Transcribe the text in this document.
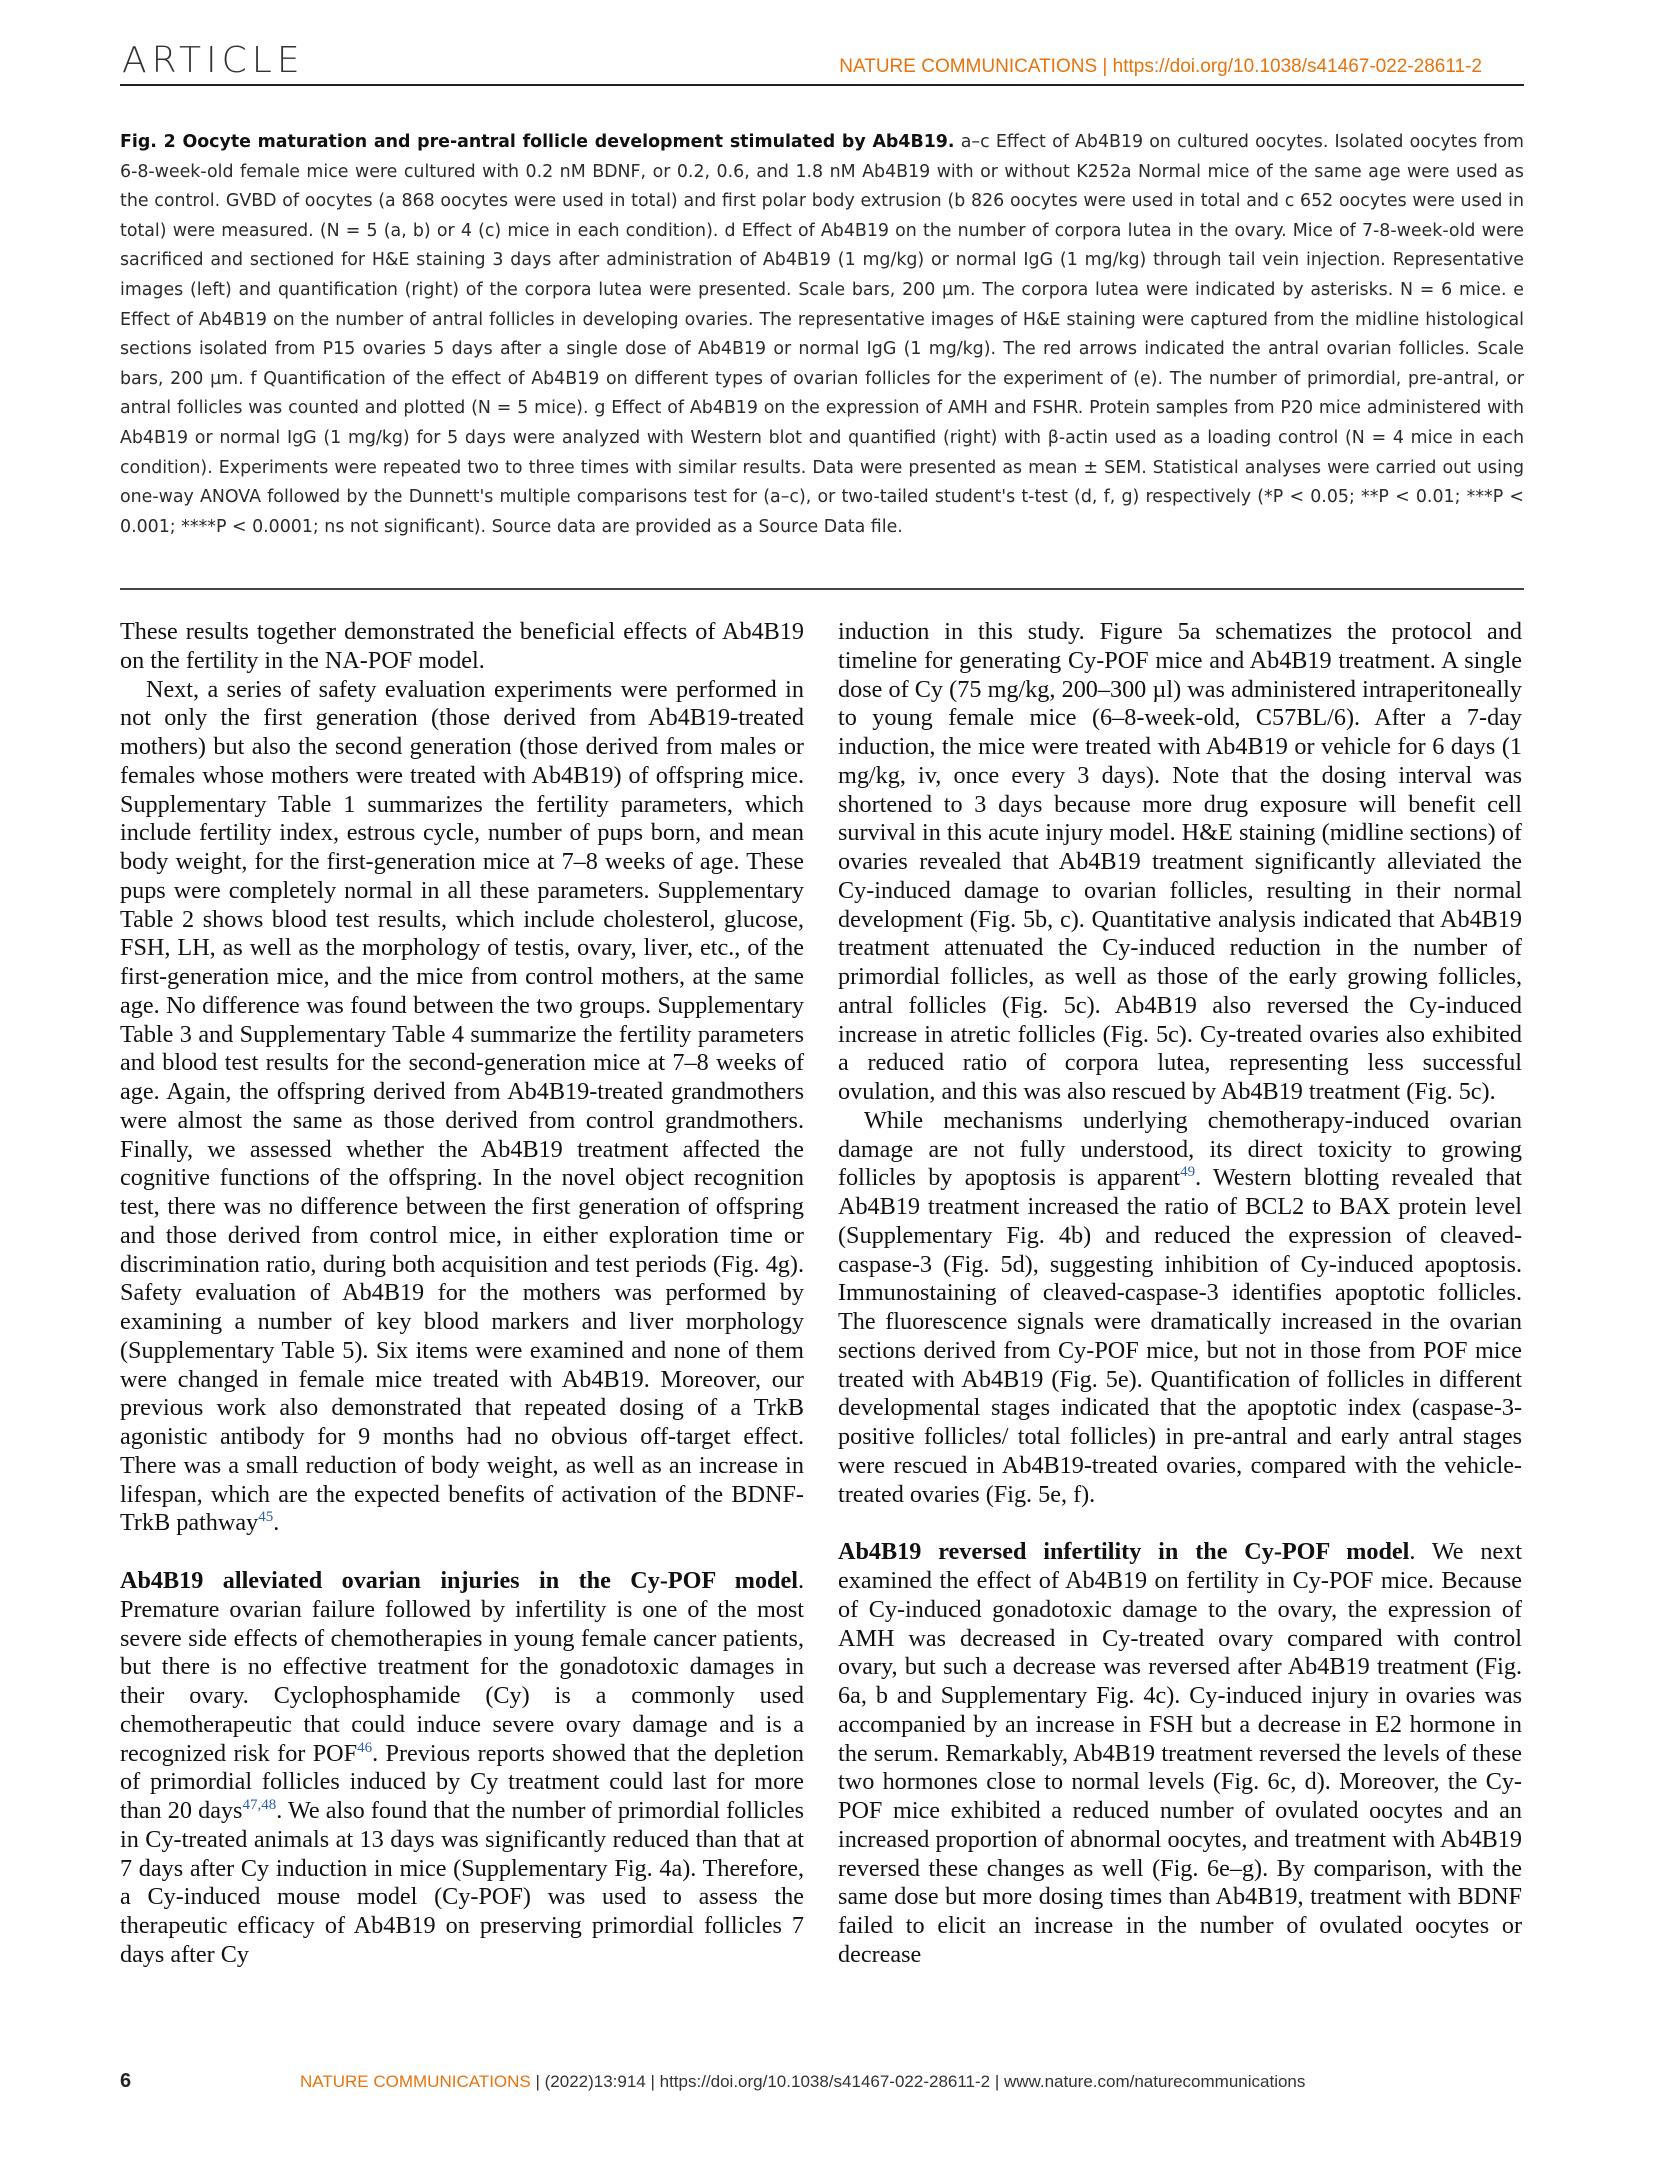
ARTICLE	NATURE COMMUNICATIONS | https://doi.org/10.1038/s41467-022-28611-2
Fig. 2 Oocyte maturation and pre-antral follicle development stimulated by Ab4B19. a–c Effect of Ab4B19 on cultured oocytes. Isolated oocytes from 6-8-week-old female mice were cultured with 0.2 nM BDNF, or 0.2, 0.6, and 1.8 nM Ab4B19 with or without K252a Normal mice of the same age were used as the control. GVBD of oocytes (a 868 oocytes were used in total) and first polar body extrusion (b 826 oocytes were used in total and c 652 oocytes were used in total) were measured. (N = 5 (a, b) or 4 (c) mice in each condition). d Effect of Ab4B19 on the number of corpora lutea in the ovary. Mice of 7-8-week-old were sacrificed and sectioned for H&E staining 3 days after administration of Ab4B19 (1 mg/kg) or normal IgG (1 mg/kg) through tail vein injection. Representative images (left) and quantification (right) of the corpora lutea were presented. Scale bars, 200 µm. The corpora lutea were indicated by asterisks. N = 6 mice. e Effect of Ab4B19 on the number of antral follicles in developing ovaries. The representative images of H&E staining were captured from the midline histological sections isolated from P15 ovaries 5 days after a single dose of Ab4B19 or normal IgG (1 mg/kg). The red arrows indicated the antral ovarian follicles. Scale bars, 200 µm. f Quantification of the effect of Ab4B19 on different types of ovarian follicles for the experiment of (e). The number of primordial, pre-antral, or antral follicles was counted and plotted (N = 5 mice). g Effect of Ab4B19 on the expression of AMH and FSHR. Protein samples from P20 mice administered with Ab4B19 or normal IgG (1 mg/kg) for 5 days were analyzed with Western blot and quantified (right) with β-actin used as a loading control (N = 4 mice in each condition). Experiments were repeated two to three times with similar results. Data were presented as mean ± SEM. Statistical analyses were carried out using one-way ANOVA followed by the Dunnett's multiple comparisons test for (a–c), or two-tailed student's t-test (d, f, g) respectively (*P < 0.05; **P < 0.01; ***P < 0.001; ****P < 0.0001; ns not significant). Source data are provided as a Source Data file.

These results together demonstrated the beneficial effects of Ab4B19 on the fertility in the NA-POF model.

Next, a series of safety evaluation experiments were performed in not only the first generation (those derived from Ab4B19-treated mothers) but also the second generation (those derived from males or females whose mothers were treated with Ab4B19) of offspring mice. Supplementary Table 1 summarizes the fertility parameters, which include fertility index, estrous cycle, number of pups born, and mean body weight, for the first-generation mice at 7–8 weeks of age. These pups were completely normal in all these parameters. Supplementary Table 2 shows blood test results, which include cholesterol, glucose, FSH, LH, as well as the morphology of testis, ovary, liver, etc., of the first-generation mice, and the mice from control mothers, at the same age. No difference was found between the two groups. Supplementary Table 3 and Supplementary Table 4 summarize the fertility parameters and blood test results for the second-generation mice at 7–8 weeks of age. Again, the offspring derived from Ab4B19-treated grandmothers were almost the same as those derived from control grandmothers. Finally, we assessed whether the Ab4B19 treatment affected the cognitive functions of the offspring. In the novel object recognition test, there was no difference between the first generation of offspring and those derived from control mice, in either exploration time or discrimination ratio, during both acquisition and test periods (Fig. 4g). Safety evaluation of Ab4B19 for the mothers was performed by examining a number of key blood markers and liver morphology (Supplementary Table 5). Six items were examined and none of them were changed in female mice treated with Ab4B19. Moreover, our previous work also demonstrated that repeated dosing of a TrkB agonistic antibody for 9 months had no obvious off-target effect. There was a small reduction of body weight, as well as an increase in lifespan, which are the expected benefits of activation of the BDNF-TrkB pathway$^{45}$.

Ab4B19 alleviated ovarian injuries in the Cy-POF model. Premature ovarian failure followed by infertility is one of the most severe side effects of chemotherapies in young female cancer patients, but there is no effective treatment for the gonadotoxic damages in their ovary. Cyclophosphamide (Cy) is a commonly used chemotherapeutic that could induce severe ovary damage and is a recognized risk for POF$^{46}$. Previous reports showed that the depletion of primordial follicles induced by Cy treatment could last for more than 20 days$^{47,48}$. We also found that the number of primordial follicles in Cy-treated animals at 13 days was significantly reduced than that at 7 days after Cy induction in mice (Supplementary Fig. 4a). Therefore, a Cy-induced mouse model (Cy-POF) was used to assess the therapeutic efficacy of Ab4B19 on preserving primordial follicles 7 days after Cy

induction in this study. Figure 5a schematizes the protocol and timeline for generating Cy-POF mice and Ab4B19 treatment. A single dose of Cy (75 mg/kg, 200–300 µl) was administered intraperitoneally to young female mice (6–8-week-old, C57BL/6). After a 7-day induction, the mice were treated with Ab4B19 or vehicle for 6 days (1 mg/kg, iv, once every 3 days). Note that the dosing interval was shortened to 3 days because more drug exposure will benefit cell survival in this acute injury model. H&E staining (midline sections) of ovaries revealed that Ab4B19 treatment significantly alleviated the Cy-induced damage to ovarian follicles, resulting in their normal development (Fig. 5b, c). Quantitative analysis indicated that Ab4B19 treatment attenuated the Cy-induced reduction in the number of primordial follicles, as well as those of the early growing follicles, antral follicles (Fig. 5c). Ab4B19 also reversed the Cy-induced increase in atretic follicles (Fig. 5c). Cy-treated ovaries also exhibited a reduced ratio of corpora lutea, representing less successful ovulation, and this was also rescued by Ab4B19 treatment (Fig. 5c).

While mechanisms underlying chemotherapy-induced ovarian damage are not fully understood, its direct toxicity to growing follicles by apoptosis is apparent$^{49}$. Western blotting revealed that Ab4B19 treatment increased the ratio of BCL2 to BAX protein level (Supplementary Fig. 4b) and reduced the expression of cleaved-caspase-3 (Fig. 5d), suggesting inhibition of Cy-induced apoptosis. Immunostaining of cleaved-caspase-3 identifies apoptotic follicles. The fluorescence signals were dramatically increased in the ovarian sections derived from Cy-POF mice, but not in those from POF mice treated with Ab4B19 (Fig. 5e). Quantification of follicles in different developmental stages indicated that the apoptotic index (caspase-3-positive follicles/ total follicles) in pre-antral and early antral stages were rescued in Ab4B19-treated ovaries, compared with the vehicle-treated ovaries (Fig. 5e, f).

Ab4B19 reversed infertility in the Cy-POF model. We next examined the effect of Ab4B19 on fertility in Cy-POF mice. Because of Cy-induced gonadotoxic damage to the ovary, the expression of AMH was decreased in Cy-treated ovary compared with control ovary, but such a decrease was reversed after Ab4B19 treatment (Fig. 6a, b and Supplementary Fig. 4c). Cy-induced injury in ovaries was accompanied by an increase in FSH but a decrease in E2 hormone in the serum. Remarkably, Ab4B19 treatment reversed the levels of these two hormones close to normal levels (Fig. 6c, d). Moreover, the Cy-POF mice exhibited a reduced number of ovulated oocytes and an increased proportion of abnormal oocytes, and treatment with Ab4B19 reversed these changes as well (Fig. 6e–g). By comparison, with the same dose but more dosing times than Ab4B19, treatment with BDNF failed to elicit an increase in the number of ovulated oocytes or decrease

6	NATURE COMMUNICATIONS | (2022)13:914 | https://doi.org/10.1038/s41467-022-28611-2 | www.nature.com/naturecommunications
